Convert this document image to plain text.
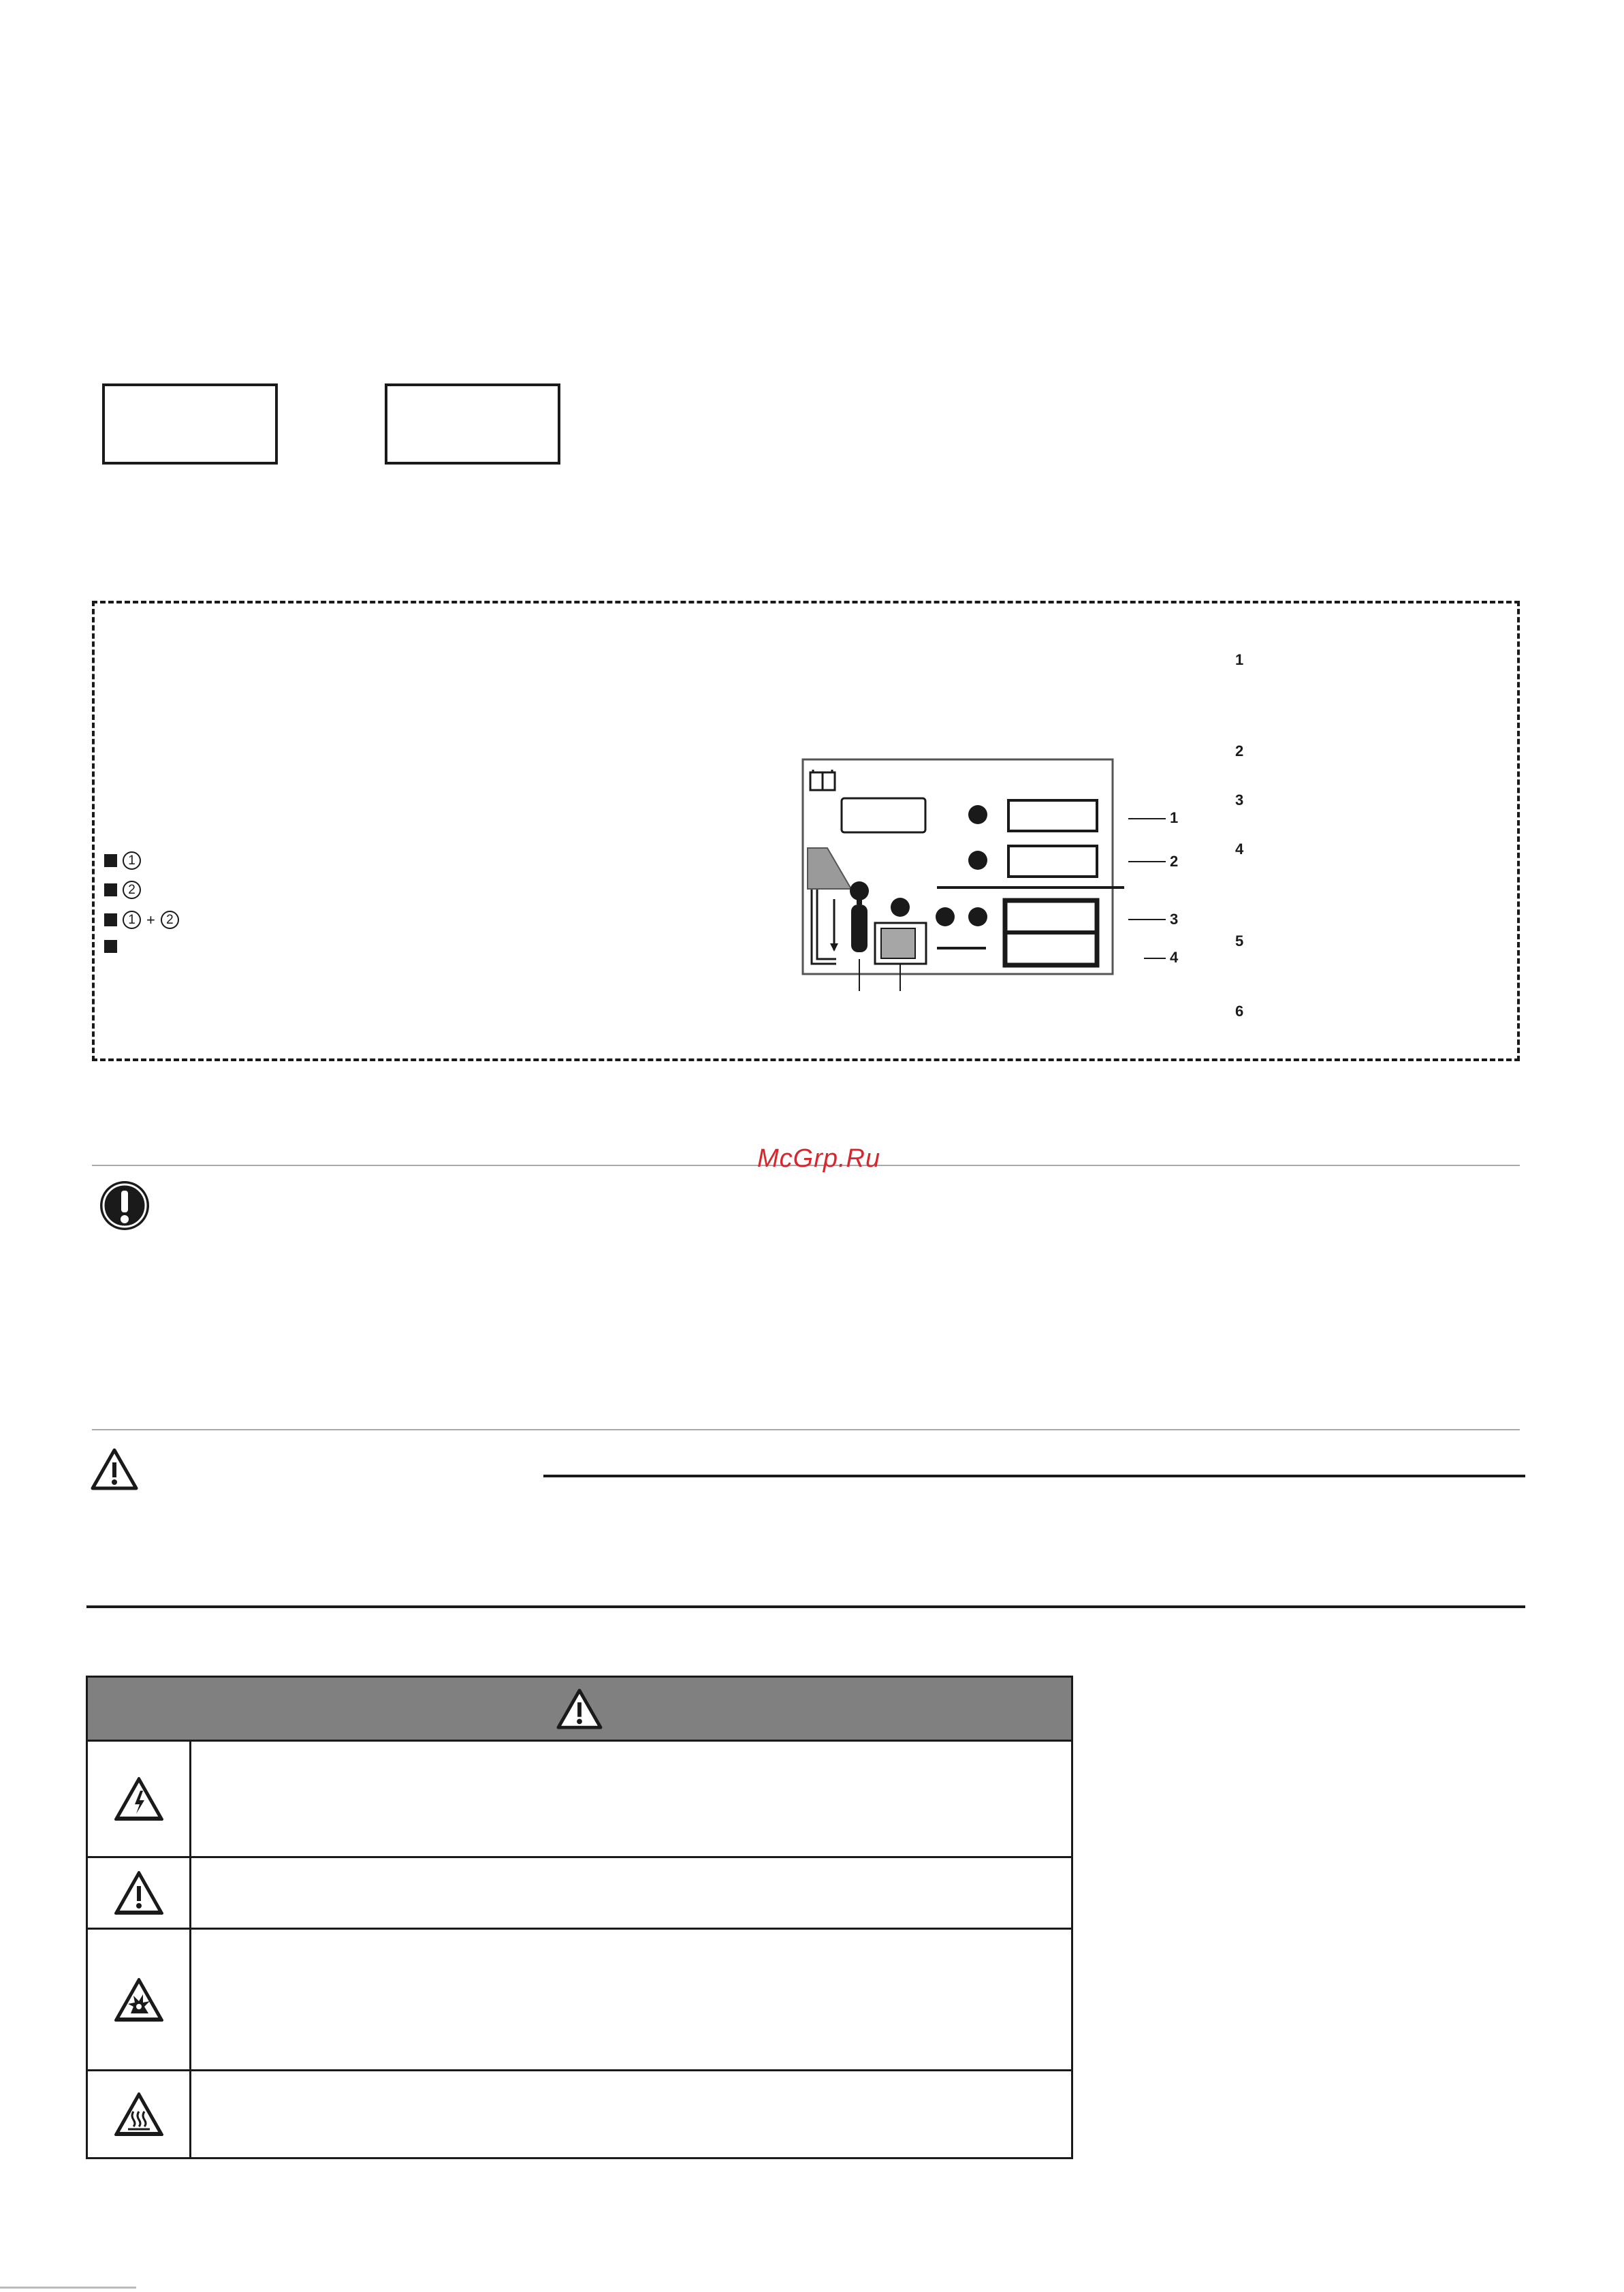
1
2
3
4
5
6
1
2
1 + 2
1
2
3
4
McGrp.Ru
